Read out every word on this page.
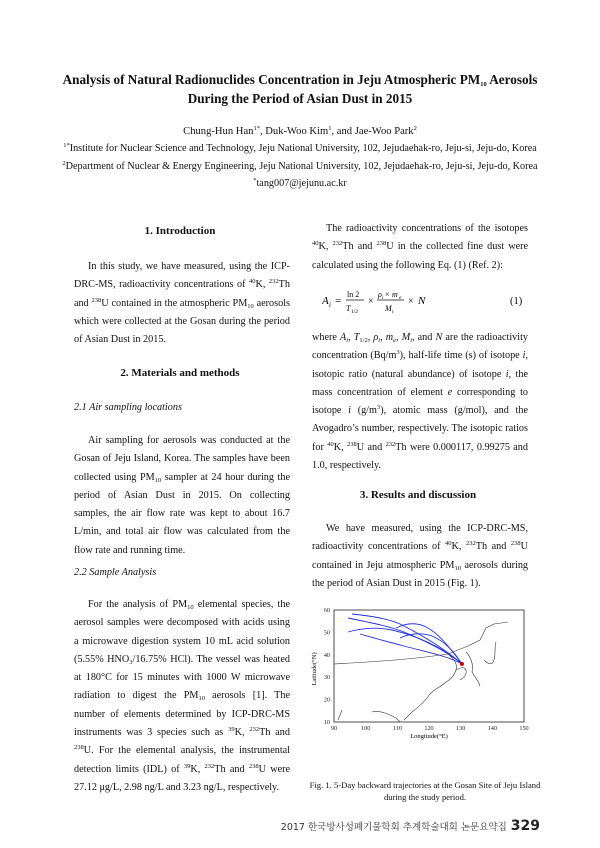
Analysis of Natural Radionuclides Concentration in Jeju Atmospheric $PM_{10}$ Aerosols
During the Period of Asian Dust in 2015
Chung-Hun Han$^{1*}$, Duk-Woo Kim$^1$, and Jae-Woo Park$^2$
$^{1*}$Institute for Nuclear Science and Technology, Jeju National University, 102, Jejudaehak-ro, Jeju-si, Jeju-do, Korea
$^2$Department of Nuclear & Energy Engineering, Jeju National University, 102, Jejudaehak-ro, Jeju-si, Jeju-do, Korea
*tang007@jejunu.ac.kr
1. Introduction

In this study, we have measured, using the ICP-DRC-MS, radioactivity concentrations of $^{40}$K, $^{232}$Th and $^{238}$U contained in the atmospheric $PM_{10}$ aerosols which were collected at the Gosan during the period of Asian Dust in 2015.

2. Materials and methods
2.1 Air sampling locations

Air sampling for aerosols was conducted at the Gosan of Jeju Island, Korea. The samples have been collected using $PM_{10}$ sampler at 24 hour during the period of Asian Dust in 2015. On collecting samples, the air flow rate was kept to about 16.7 L/min, and total air flow was calculated from the flow rate and running time.

2.2 Sample Analysis

For the analysis of $PM_{10}$ elemental species, the aerosol samples were decomposed with acids using a microwave digestion system 10 mL acid solution (5.55% $HNO_3/16.75\%$ HCl). The vessel was heated at 180°C for 15 minutes with 1000 W microwave radiation to digest the $PM_{10}$ aerosols [1]. The number of elements determined by ICP-DRC-MS instruments was 3 species such as $^{39}$K, $^{232}$Th and $^{238}$U. For the elemental analysis, the instrumental detection limits (IDL) of $^{39}$K, $^{232}$Th and $^{238}$U were 27.12 μg/L, 2.98 ng/L and 3.23 ng/L, respectively.

The radioactivity concentrations of the isotopes $^{40}$K, $^{232}$Th and $^{238}$U in the collected fine dust were calculated using the following Eq. (1) (Ref. 2):

A i =
ln 2
T 1/2
×
ρ i × m e
M i
× N	(1)

where $A_i$, $T_{1/2}$, $\rho_i$, $m_e$, $M_i$, and N are the radioactivity concentration $(Bq/m^3)$, half-life time (s) of isotope i, isotopic ratio (natural abundance) of isotope i, the mass concentration of element e corresponding to isotope i $(g/m^3)$, atomic mass (g/mol), and the Avogadro’s number, respectively. The isotopic ratios for $^{40}$K, $^{238}$U and $^{232}$Th were 0.000117, 0.99275 and 1.0, respectively.

3. Results and discussion

We have measured, using the ICP-DRC-MS, radioactivity concentrations of $^{40}$K, $^{232}$Th and $^{238}$U contained in Jeju atmospheric $PM_{10}$ aerosols during the period of Asian Dust in 2015 (Fig. 1).

90	100	110	120	130	140	150
60
50
40
30
20
10
Latitude(°N)
Longitude(°E)
Fig. 1. 5-Day backward trajectories at the Gosan Site of Jeju Island during the study period.
2017 한국방사성폐기물학회 추계학술대회 논문요약집 329
